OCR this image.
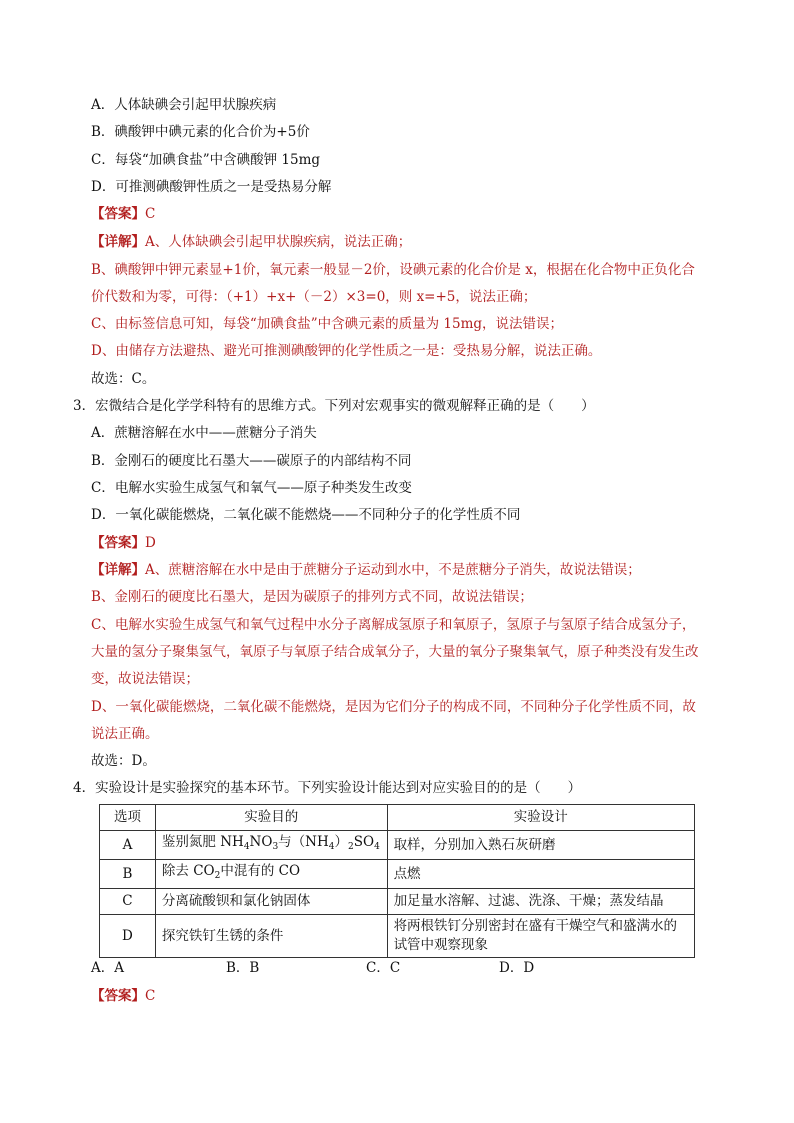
A．人体缺碘会引起甲状腺疾病
B．碘酸钾中碘元素的化合价为+5价
C．每袋“加碘食盐”中含碘酸钾 15mg
D．可推测碘酸钾性质之一是受热易分解
【答案】C
【详解】A、人体缺碘会引起甲状腺疾病，说法正确；
B、碘酸钾中钾元素显+1价，氧元素一般显－2价，设碘元素的化合价是 x，根据在化合物中正负化合
价代数和为零，可得：（+1）+x+（－2）×3=0，则 x=+5，说法正确；
C、由标签信息可知，每袋“加碘食盐”中含碘元素的质量为 15mg，说法错误；
D、由储存方法避热、避光可推测碘酸钾的化学性质之一是：受热易分解，说法正确。
故选：C。
3．宏微结合是化学学科特有的思维方式。下列对宏观事实的微观解释正确的是（　　）
A．蔗糖溶解在水中——蔗糖分子消失
B．金刚石的硬度比石墨大——碳原子的内部结构不同
C．电解水实验生成氢气和氧气——原子种类发生改变
D．一氧化碳能燃烧，二氧化碳不能燃烧——不同种分子的化学性质不同
【答案】D
【详解】A、蔗糖溶解在水中是由于蔗糖分子运动到水中，不是蔗糖分子消失，故说法错误；
B、金刚石的硬度比石墨大，是因为碳原子的排列方式不同，故说法错误；
C、电解水实验生成氢气和氧气过程中水分子离解成氢原子和氧原子，氢原子与氢原子结合成氢分子，
大量的氢分子聚集氢气，氧原子与氧原子结合成氧分子，大量的氧分子聚集氧气，原子种类没有发生改
变，故说法错误；
D、一氧化碳能燃烧，二氧化碳不能燃烧，是因为它们分子的构成不同，不同种分子化学性质不同，故
说法正确。
故选：D。
4．实验设计是实验探究的基本环节。下列实验设计能达到对应实验目的的是（　　）
选项	实验目的	实验设计
A	鉴别氮肥 $NH_4NO_3$与$(NH_4)_2SO_4$	取样，分别加入熟石灰研磨
B	除去 $CO_2$中混有的 CO	点燃
C	分离硫酸钡和氯化钠固体	加足量水溶解、过滤、洗涤、干燥；蒸发结晶
D	探究铁钉生锈的条件	将两根铁钉分别密封在盛有干燥空气和盛满水的
试管中观察现象
A．A	B．B	C．C	D．D
【答案】C
